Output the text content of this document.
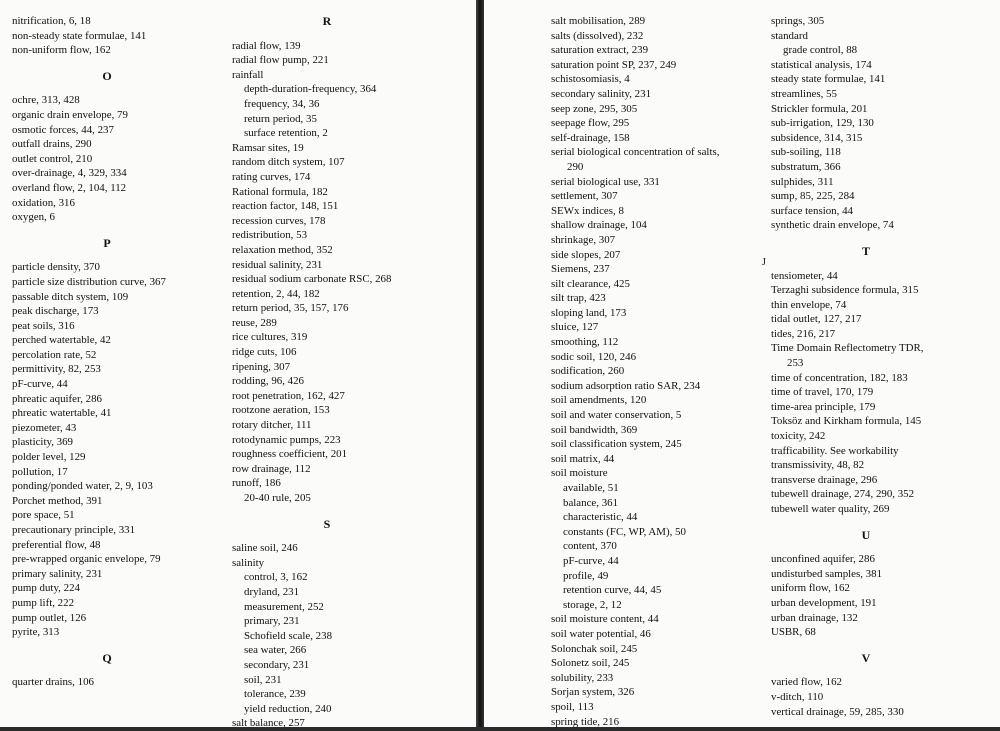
nitrification, 6, 18
non-steady state formulae, 141
non-uniform flow, 162
O
ochre, 313, 428
organic drain envelope, 79
osmotic forces, 44, 237
outfall drains, 290
outlet control, 210
over-drainage, 4, 329, 334
overland flow, 2, 104, 112
oxidation, 316
oxygen, 6
P
particle density, 370
particle size distribution curve, 367
passable ditch system, 109
peak discharge, 173
peat soils, 316
perched watertable, 42
percolation rate, 52
permittivity, 82, 253
pF-curve, 44
phreatic aquifer, 286
phreatic watertable, 41
piezometer, 43
plasticity, 369
polder level, 129
pollution, 17
ponding/ponded water, 2, 9, 103
Porchet method, 391
pore space, 51
precautionary principle, 331
preferential flow, 48
pre-wrapped organic envelope, 79
primary salinity, 231
pump duty, 224
pump lift, 222
pump outlet, 126
pyrite, 313
Q
quarter drains, 106
R
radial flow, 139
radial flow pump, 221
rainfall
depth-duration-frequency, 364
frequency, 34, 36
return period, 35
surface retention, 2
Ramsar sites, 19
random ditch system, 107
rating curves, 174
Rational formula, 182
reaction factor, 148, 151
recession curves, 178
redistribution, 53
relaxation method, 352
residual salinity, 231
residual sodium carbonate RSC, 268
retention, 2, 44, 182
return period, 35, 157, 176
reuse, 289
rice cultures, 319
ridge cuts, 106
ripening, 307
rodding, 96, 426
root penetration, 162, 427
rootzone aeration, 153
rotary ditcher, 111
rotodynamic pumps, 223
roughness coefficient, 201
row drainage, 112
runoff, 186
20-40 rule, 205
S
saline soil, 246
salinity
control, 3, 162
dryland, 231
measurement, 252
primary, 231
Schofield scale, 238
sea water, 266
secondary, 231
soil, 231
tolerance, 239
yield reduction, 240
salt balance, 257
salt mobilisation, 289
salts (dissolved), 232
saturation extract, 239
saturation point SP, 237, 249
schistosomiasis, 4
secondary salinity, 231
seep zone, 295, 305
seepage flow, 295
self-drainage, 158
serial biological concentration of salts,
290
serial biological use, 331
settlement, 307
SEWx indices, 8
shallow drainage, 104
shrinkage, 307
side slopes, 207
Siemens, 237
silt clearance, 425
silt trap, 423
sloping land, 173
sluice, 127
smoothing, 112
sodic soil, 120, 246
sodification, 260
sodium adsorption ratio SAR, 234
soil amendments, 120
soil and water conservation, 5
soil bandwidth, 369
soil classification system, 245
soil matrix, 44
soil moisture
available, 51
balance, 361
characteristic, 44
constants (FC, WP, AM), 50
content, 370
pF-curve, 44
profile, 49
retention curve, 44, 45
storage, 2, 12
soil moisture content, 44
soil water potential, 46
Solonchak soil, 245
Solonetz soil, 245
solubility, 233
Sorjan system, 326
spoil, 113
spring tide, 216
springs, 305
standard
grade control, 88
statistical analysis, 174
steady state formulae, 141
streamlines, 55
Strickler formula, 201
sub-irrigation, 129, 130
subsidence, 314, 315
sub-soiling, 118
substratum, 366
sulphides, 311
sump, 85, 225, 284
surface tension, 44
synthetic drain envelope, 74
T
tensiometer, 44
Terzaghi subsidence formula, 315
thin envelope, 74
tidal outlet, 127, 217
tides, 216, 217
Time Domain Reflectometry TDR,
253
time of concentration, 182, 183
time of travel, 170, 179
time-area principle, 179
Toksöz and Kirkham formula, 145
toxicity, 242
trafficability. See workability
transmissivity, 48, 82
transverse drainage, 296
tubewell drainage, 274, 290, 352
tubewell water quality, 269
U
unconfined aquifer, 286
undisturbed samples, 381
uniform flow, 162
urban development, 191
urban drainage, 132
USBR, 68
V
varied flow, 162
v-ditch, 110
vertical drainage, 59, 285, 330
J
